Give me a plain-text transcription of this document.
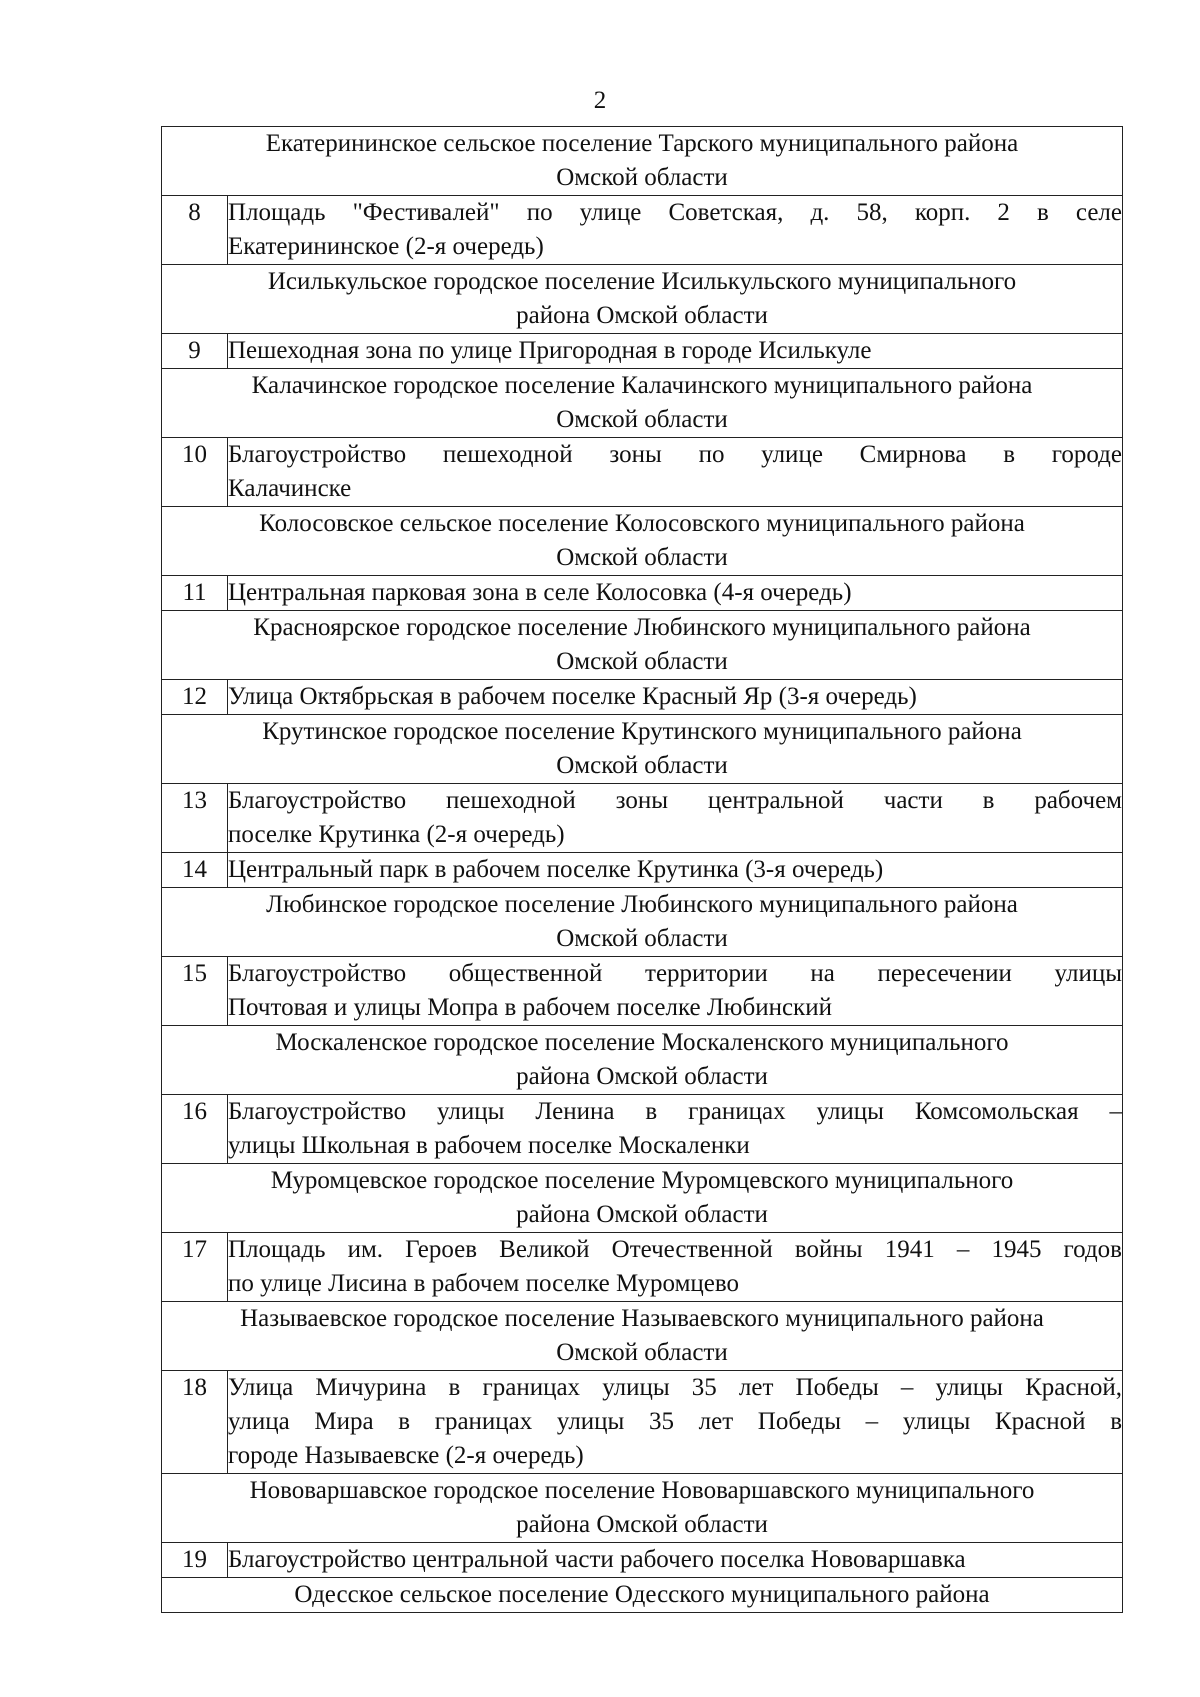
2
Екатерининское сельское поселение Тарского муниципального района
Омской области	

8	Площадь "Фестивалей" по улице Советская, д. 58, корп. 2 в селе
Екатерининское (2-я очередь)

Исилькульское городское поселение Исилькульского муниципального
района Омской области	

9	Пешеходная зона по улице Пригородная в городе Исилькуле

Калачинское городское поселение Калачинского муниципального района
Омской области	

10	Благоустройство пешеходной зоны по улице Смирнова в городе
Калачинске

Колосовское сельское поселение Колосовского муниципального района
Омской области	

11	Центральная парковая зона в селе Колосовка (4-я очередь)

Красноярское городское поселение Любинского муниципального района
Омской области	

12	Улица Октябрьская в рабочем поселке Красный Яр (3-я очередь)

Крутинское городское поселение Крутинского муниципального района
Омской области	

13	Благоустройство пешеходной зоны центральной части в рабочем
поселке Крутинка (2-я очередь)

14	Центральный парк в рабочем поселке Крутинка (3-я очередь)

Любинское городское поселение Любинского муниципального района
Омской области	

15	Благоустройство общественной территории на пересечении улицы
Почтовая и улицы Мопра в рабочем поселке Любинский

Москаленское городское поселение Москаленского муниципального
района Омской области	

16	Благоустройство улицы Ленина в границах улицы Комсомольская –
улицы Школьная в рабочем поселке Москаленки

Муромцевское городское поселение Муромцевского муниципального
района Омской области	

17	Площадь им. Героев Великой Отечественной войны 1941 – 1945 годов
по улице Лисина в рабочем поселке Муромцево

Называевское городское поселение Называевского муниципального района
Омской области	

18	Улица Мичурина в границах улицы 35 лет Победы – улицы Красной,
улица Мира в границах улицы 35 лет Победы – улицы Красной в
городе Называевске (2-я очередь)

Нововаршавское городское поселение Нововаршавского муниципального
района Омской области	

19	Благоустройство центральной части рабочего поселка Нововаршавка

Одесское сельское поселение Одесского муниципального района	
